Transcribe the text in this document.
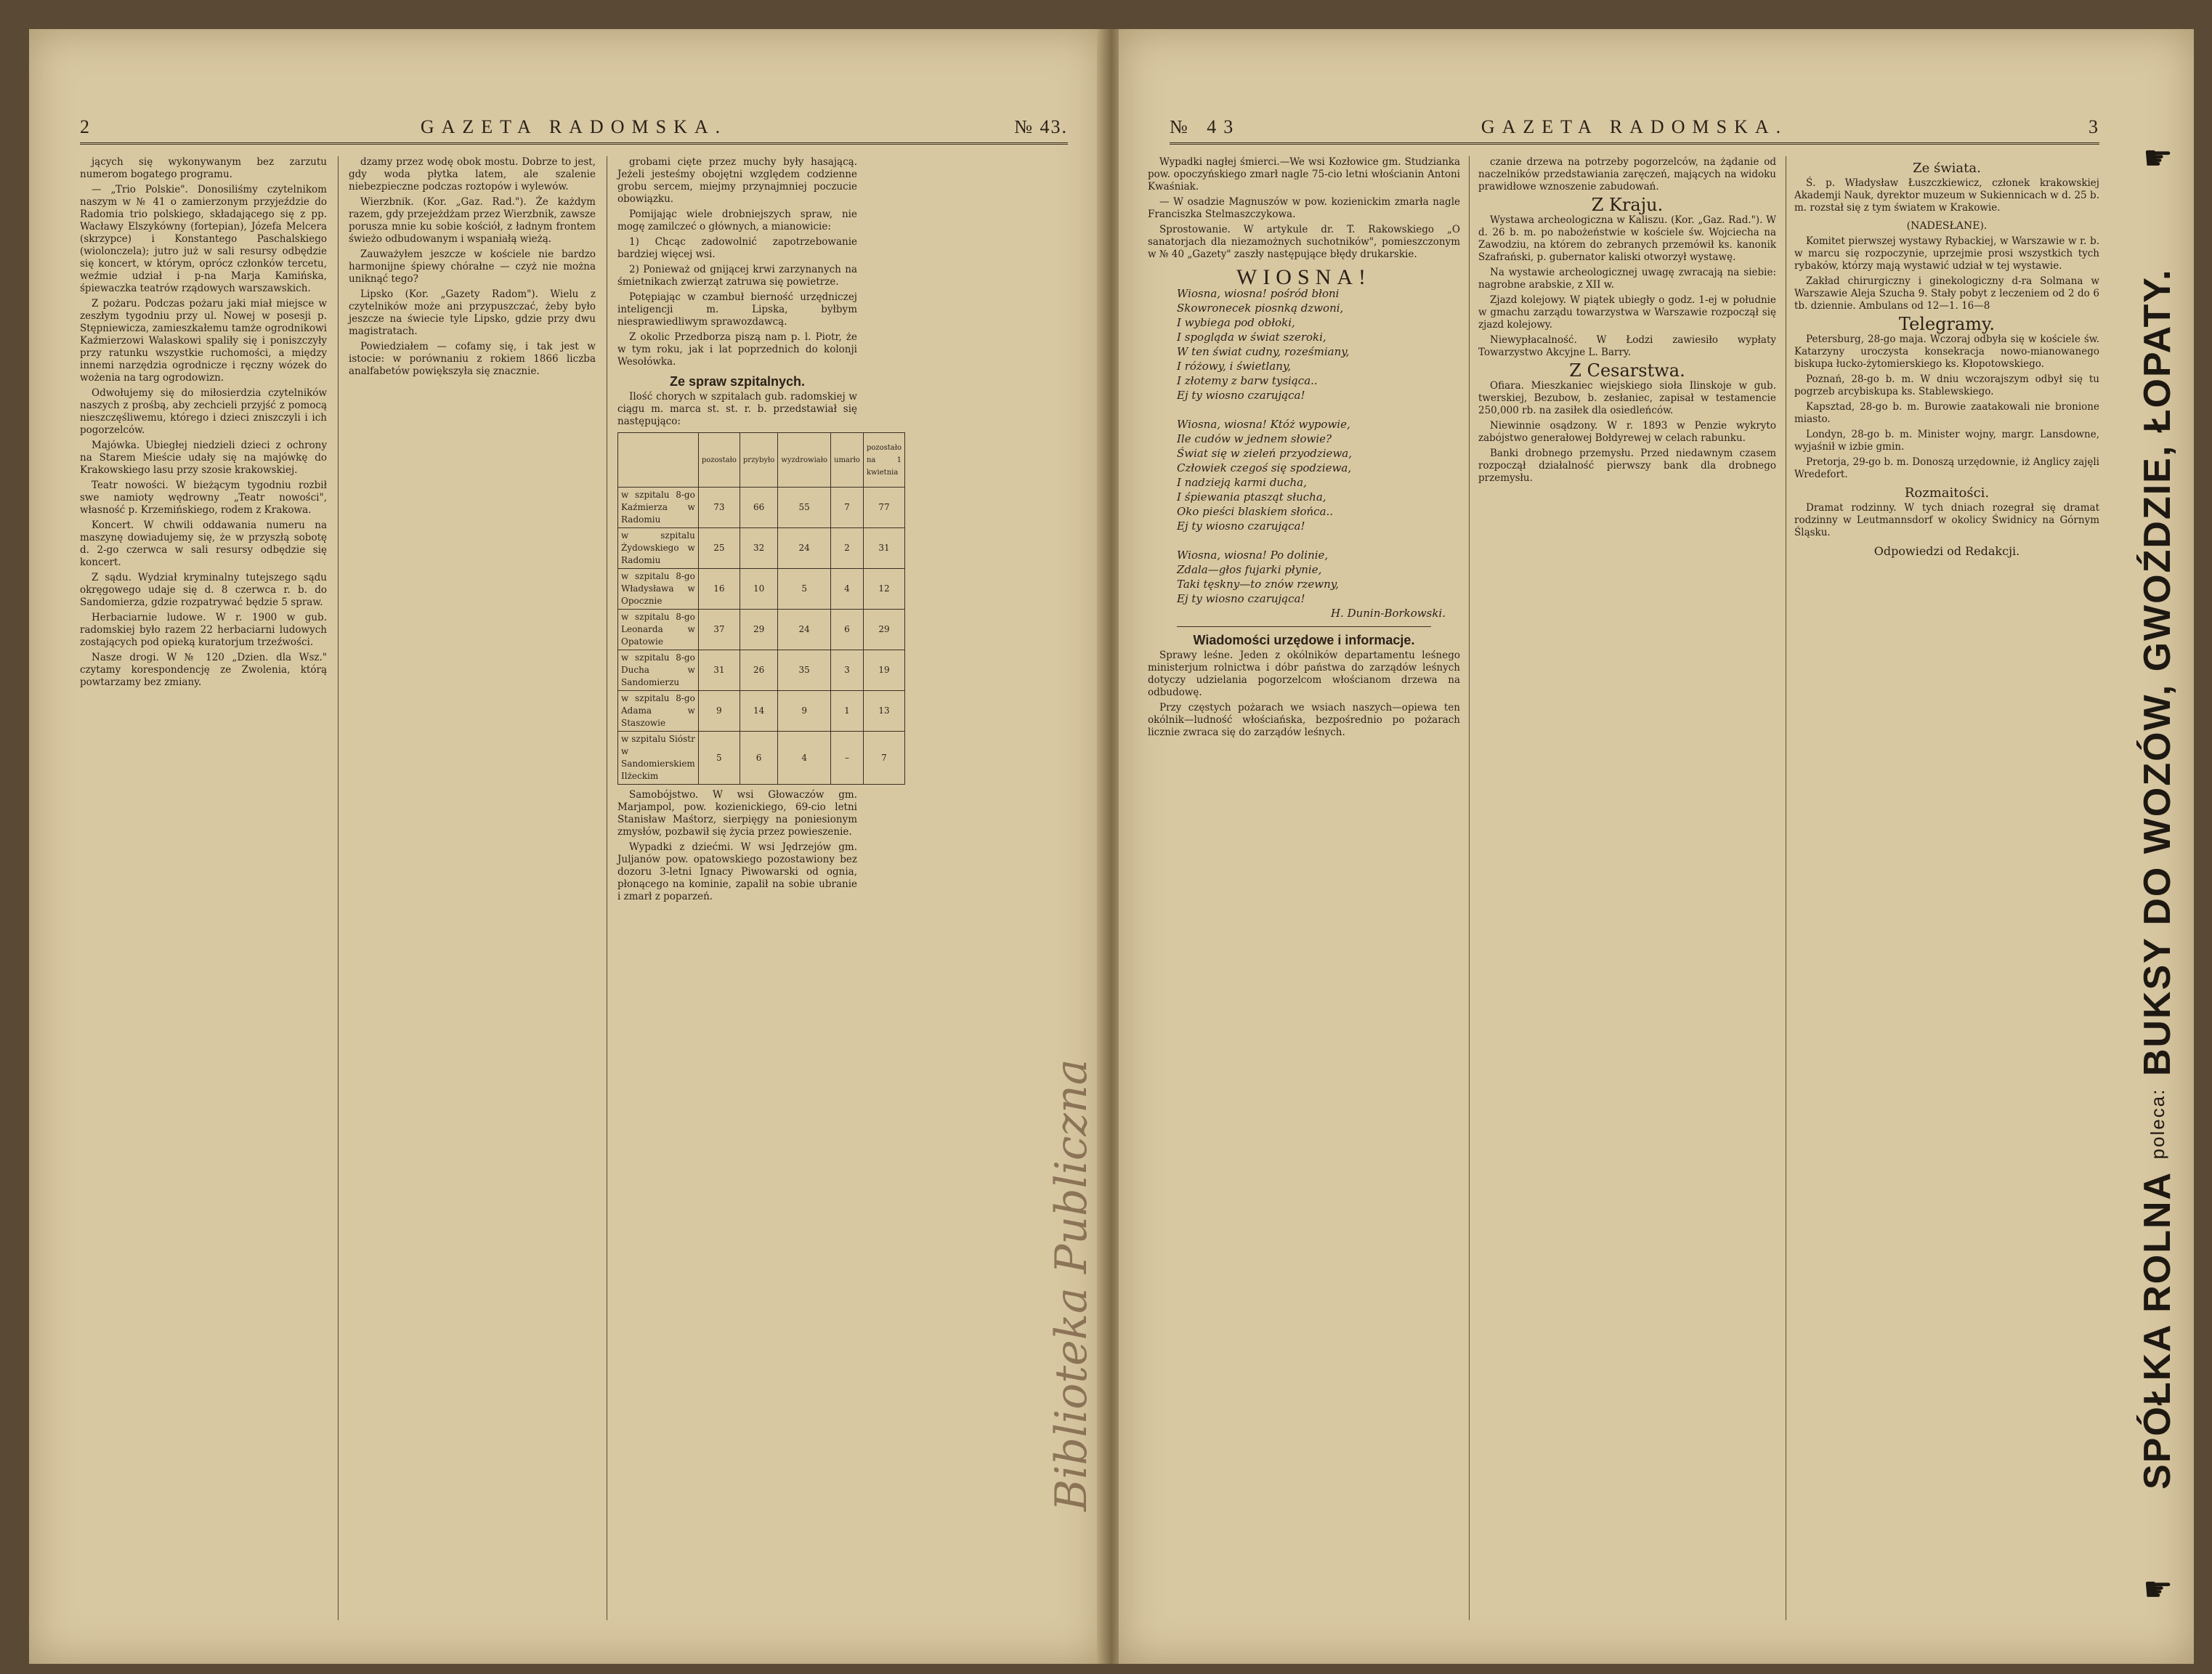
2	GAZETA RADOMSKA.	№ 43.

jących się wykonywanym bez zarzutu numerom bogatego programu.

— „Trio Polskie". Donosiliśmy czytelnikom naszym w № 41 o zamierzonym przyjeździe do Radomia trio polskiego, składającego się z pp. Wacławy Elszykówny (fortepian), Józefa Melcera (skrzypce) i Konstantego Paschalskiego (wiolonczela); jutro już w sali resursy odbędzie się koncert, w którym, oprócz członków tercetu, weźmie udział i p-na Marja Kamińska, śpiewaczka teatrów rządowych warszawskich.

Z pożaru. Podczas pożaru jaki miał miejsce w zeszłym tygodniu przy ul. Nowej w posesji p. Stępniewicza, zamieszkałemu tamże ogrodnikowi Kaźmierzowi Walaskowi spaliły się i poniszczyły przy ratunku wszystkie ruchomości, a między innemi narzędzia ogrodnicze i ręczny wózek do wożenia na targ ogrodowizn.

Odwołujemy się do miłosierdzia czytelników naszych z prośbą, aby zechcieli przyjść z pomocą nieszczęśliwemu, którego i dzieci zniszczyli i ich pogorzelców.

Majówka. Ubiegłej niedzieli dzieci z ochrony na Starem Mieście udały się na majówkę do Krakowskiego lasu przy szosie krakowskiej.

Teatr nowości. W bieżącym tygodniu rozbił swe namioty wędrowny „Teatr nowości", własność p. Krzemińskiego, rodem z Krakowa.

Koncert. W chwili oddawania numeru na maszynę dowiadujemy się, że w przyszłą sobotę d. 2-go czerwca w sali resursy odbędzie się koncert.

Z sądu. Wydział kryminalny tutejszego sądu okręgowego udaje się d. 8 czerwca r. b. do Sandomierza, gdzie rozpatrywać będzie 5 spraw.

Herbaciarnie ludowe. W r. 1900 w gub. radomskiej było razem 22 herbaciarni ludowych zostających pod opieką kuratorjum trzeźwości.

Nasze drogi. W № 120 „Dzien. dla Wsz." czytamy korespondencję ze Zwolenia, którą powtarzamy bez zmiany.

dzamy przez wodę obok mostu. Dobrze to jest, gdy woda płytka latem, ale szalenie niebezpieczne podczas roztopów i wylewów.

Wierzbnik. (Kor. „Gaz. Rad."). Że każdym razem, gdy przejeżdżam przez Wierzbnik, zawsze porusza mnie ku sobie kościół, z ładnym frontem świeżo odbudowanym i wspaniałą wieżą.

Zauważyłem jeszcze w kościele nie bardzo harmonijne śpiewy chórałne — czyż nie można uniknąć tego?

Lipsko (Kor. „Gazety Radom"). Wielu z czytelników może ani przypuszczać, żeby było jeszcze na świecie tyle Lipsko, gdzie przy dwu magistratach.

Powiedziałem — cofamy się, i tak jest w istocie: w porównaniu z rokiem 1866 liczba analfabetów powiększyła się znacznie.

grobami cięte przez muchy były hasającą. Jeżeli jesteśmy obojętni względem codzienne grobu sercem, miejmy przynajmniej poczucie obowiązku.

Pomijając wiele drobniejszych spraw, nie mogę zamilczeć o głównych, a mianowicie:

1) Chcąc zadowolnić zapotrzebowanie bardziej więcej wsi.

2) Ponieważ od gnijącej krwi zarzynanych na śmietnikach zwierząt zatruwa się powietrze.

Potępiając w czambuł bierność urzędniczej inteligencji m. Lipska, byłbym niesprawiedliwym sprawozdawcą.

Z okolic Przedborza piszą nam p. l. Piotr, że w tym roku, jak i lat poprzednich do kolonji Wesołówka.

Ze spraw szpitalnych.

Ilość chorych w szpitalach gub. radomskiej w ciągu m. marca st. st. r. b. przedstawiał się następująco:

	pozostało	przybyło	wyzdrowiało	umarło	pozostało na 1 kwietnia
w szpitalu 8-go Kaźmierza w Radomiu	73	66	55	7	77
w szpitalu Żydowskiego w Radomiu	25	32	24	2	31
w szpitalu 8-go Władysława w Opocznie	16	10	5	4	12
w szpitalu 8-go Leonarda w Opatowie	37	29	24	6	29
w szpitalu 8-go Ducha w Sandomierzu	31	26	35	3	19
w szpitalu 8-go Adama w Staszowie	9	14	9	1	13
w szpitalu Sióstr w Sandomierskiem Ilżeckim	5	6	4	–	7

Samobójstwo. W wsi Głowaczów gm. Marjampol, pow. kozienickiego, 69-cio letni Stanisław Maśtorz, sierpięgy na poniesionym zmysłów, pozbawił się życia przez powieszenie.

Wypadki z dziećmi. W wsi Jędrzejów gm. Juljanów pow. opatowskiego pozostawiony bez dozoru 3-letni Ignacy Piwowarski od ognia, płonącego na kominie, zapalił na sobie ubranie i zmarł z poparzeń.

Biblioteka Publiczna
№ 43	GAZETA RADOMSKA.	3

Wypadki nagłej śmierci.—We wsi Kozłowice gm. Studzianka pow. opoczyńskiego zmarł nagle 75-cio letni włościanin Antoni Kwaśniak.

— W osadzie Magnuszów w pow. kozienickim zmarła nagle Franciszka Stelmaszczykowa.

Sprostowanie. W artykule dr. T. Rakowskiego „O sanatorjach dla niezamożnych suchotników", pomieszczonym w № 40 „Gazety" zaszły następujące błędy drukarskie.

WIOSNA!
Wiosna, wiosna! pośród błoni
Skowronecek piosnką dzwoni,
I wybiega pod obłoki,
I spogląda w świat szeroki,
W ten świat cudny, roześmiany,
I różowy, i świetlany,
I złotemy z barw tysiąca..
Ej ty wiosno czarująca!

Wiosna, wiosna! Któż wypowie,
Ile cudów w jednem słowie?
Świat się w zieleń przyodziewa,
Człowiek czegoś się spodziewa,
I nadzieją karmi ducha,
I śpiewania ptasząt słucha,
Oko pieści blaskiem słońca..
Ej ty wiosno czarująca!

Wiosna, wiosna! Po dolinie,
Zdala—głos fujarki płynie,
Taki tęskny—to znów rzewny,
Ej ty wiosno czarująca!
H. Dunin-Borkowski.
Wiadomości urzędowe i informacje.

Sprawy leśne. Jeden z okólników departamentu leśnego ministerjum rolnictwa i dóbr państwa do zarządów leśnych dotyczy udzielania pogorzelcom włościanom drzewa na odbudowę.

Przy częstych pożarach we wsiach naszych—opiewa ten okólnik—ludność włościańska, bezpośrednio po pożarach licznie zwraca się do zarządów leśnych.

czanie drzewa na potrzeby pogorzelców, na żądanie od naczelników przedstawiania zaręczeń, mających na widoku prawidłowe wznoszenie zabudowań.

Z Kraju.

Wystawa archeologiczna w Kaliszu. (Kor. „Gaz. Rad."). W d. 26 b. m. po nabożeństwie w kościele św. Wojciecha na Zawodziu, na którem do zebranych przemówił ks. kanonik Szafrański, p. gubernator kaliski otworzył wystawę.

Na wystawie archeologicznej uwagę zwracają na siebie: nagrobne arabskie, z XII w.

Zjazd kolejowy. W piątek ubiegły o godz. 1-ej w południe w gmachu zarządu towarzystwa w Warszawie rozpoczął się zjazd kolejowy.

Niewypłacalność. W Łodzi zawiesiło wypłaty Towarzystwo Akcyjne L. Barry.

Z Cesarstwa.

Ofiara. Mieszkaniec wiejskiego sioła Ilinskoje w gub. twerskiej, Bezubow, b. zesłaniec, zapisał w testamencie 250,000 rb. na zasiłek dla osiedleńców.

Niewinnie osądzony. W r. 1893 w Penzie wykryto zabójstwo generałowej Bołdyrewej w celach rabunku.

Banki drobnego przemysłu. Przed niedawnym czasem rozpoczął działalność pierwszy bank dla drobnego przemysłu.

Ze świata.

Ś. p. Władysław Łuszczkiewicz, członek krakowskiej Akademji Nauk, dyrektor muzeum w Sukiennicach w d. 25 b. m. rozstał się z tym światem w Krakowie.

(NADESŁANE).

Komitet pierwszej wystawy Rybackiej, w Warszawie w r. b. w marcu się rozpoczynie, uprzejmie prosi wszystkich tych rybaków, którzy mają wystawić udział w tej wystawie.

Zakład chirurgiczny i ginekologiczny d-ra Solmana w Warszawie Aleja Szucha 9. Stały pobyt z leczeniem od 2 do 6 tb. dziennie. Ambulans od 12—1. 16—8

Telegramy.

Petersburg, 28-go maja. Wczoraj odbyła się w kościele św. Katarzyny uroczysta konsekracja nowo-mianowanego biskupa łucko-żytomierskiego ks. Kłopotowskiego.

Poznań, 28-go b. m. W dniu wczorajszym odbył się tu pogrzeb arcybiskupa ks. Stablewskiego.

Kapsztad, 28-go b. m. Burowie zaatakowali nie bronione miasto.

Londyn, 28-go b. m. Minister wojny, margr. Lansdowne, wyjaśnił w izbie gmin.

Pretorja, 29-go b. m. Donoszą urzędownie, iż Anglicy zajęli Wredefort.

Rozmaitości.

Dramat rodzinny. W tych dniach rozegrał się dramat rodzinny w Leutmannsdorf w okolicy Świdnicy na Górnym Śląsku.

Odpowiedzi od Redakcji.
☛
SPÓŁKA ROLNA poleca: BUKSY DO WOZÓW, GWOŹDZIE, ŁOPATY.
☛
